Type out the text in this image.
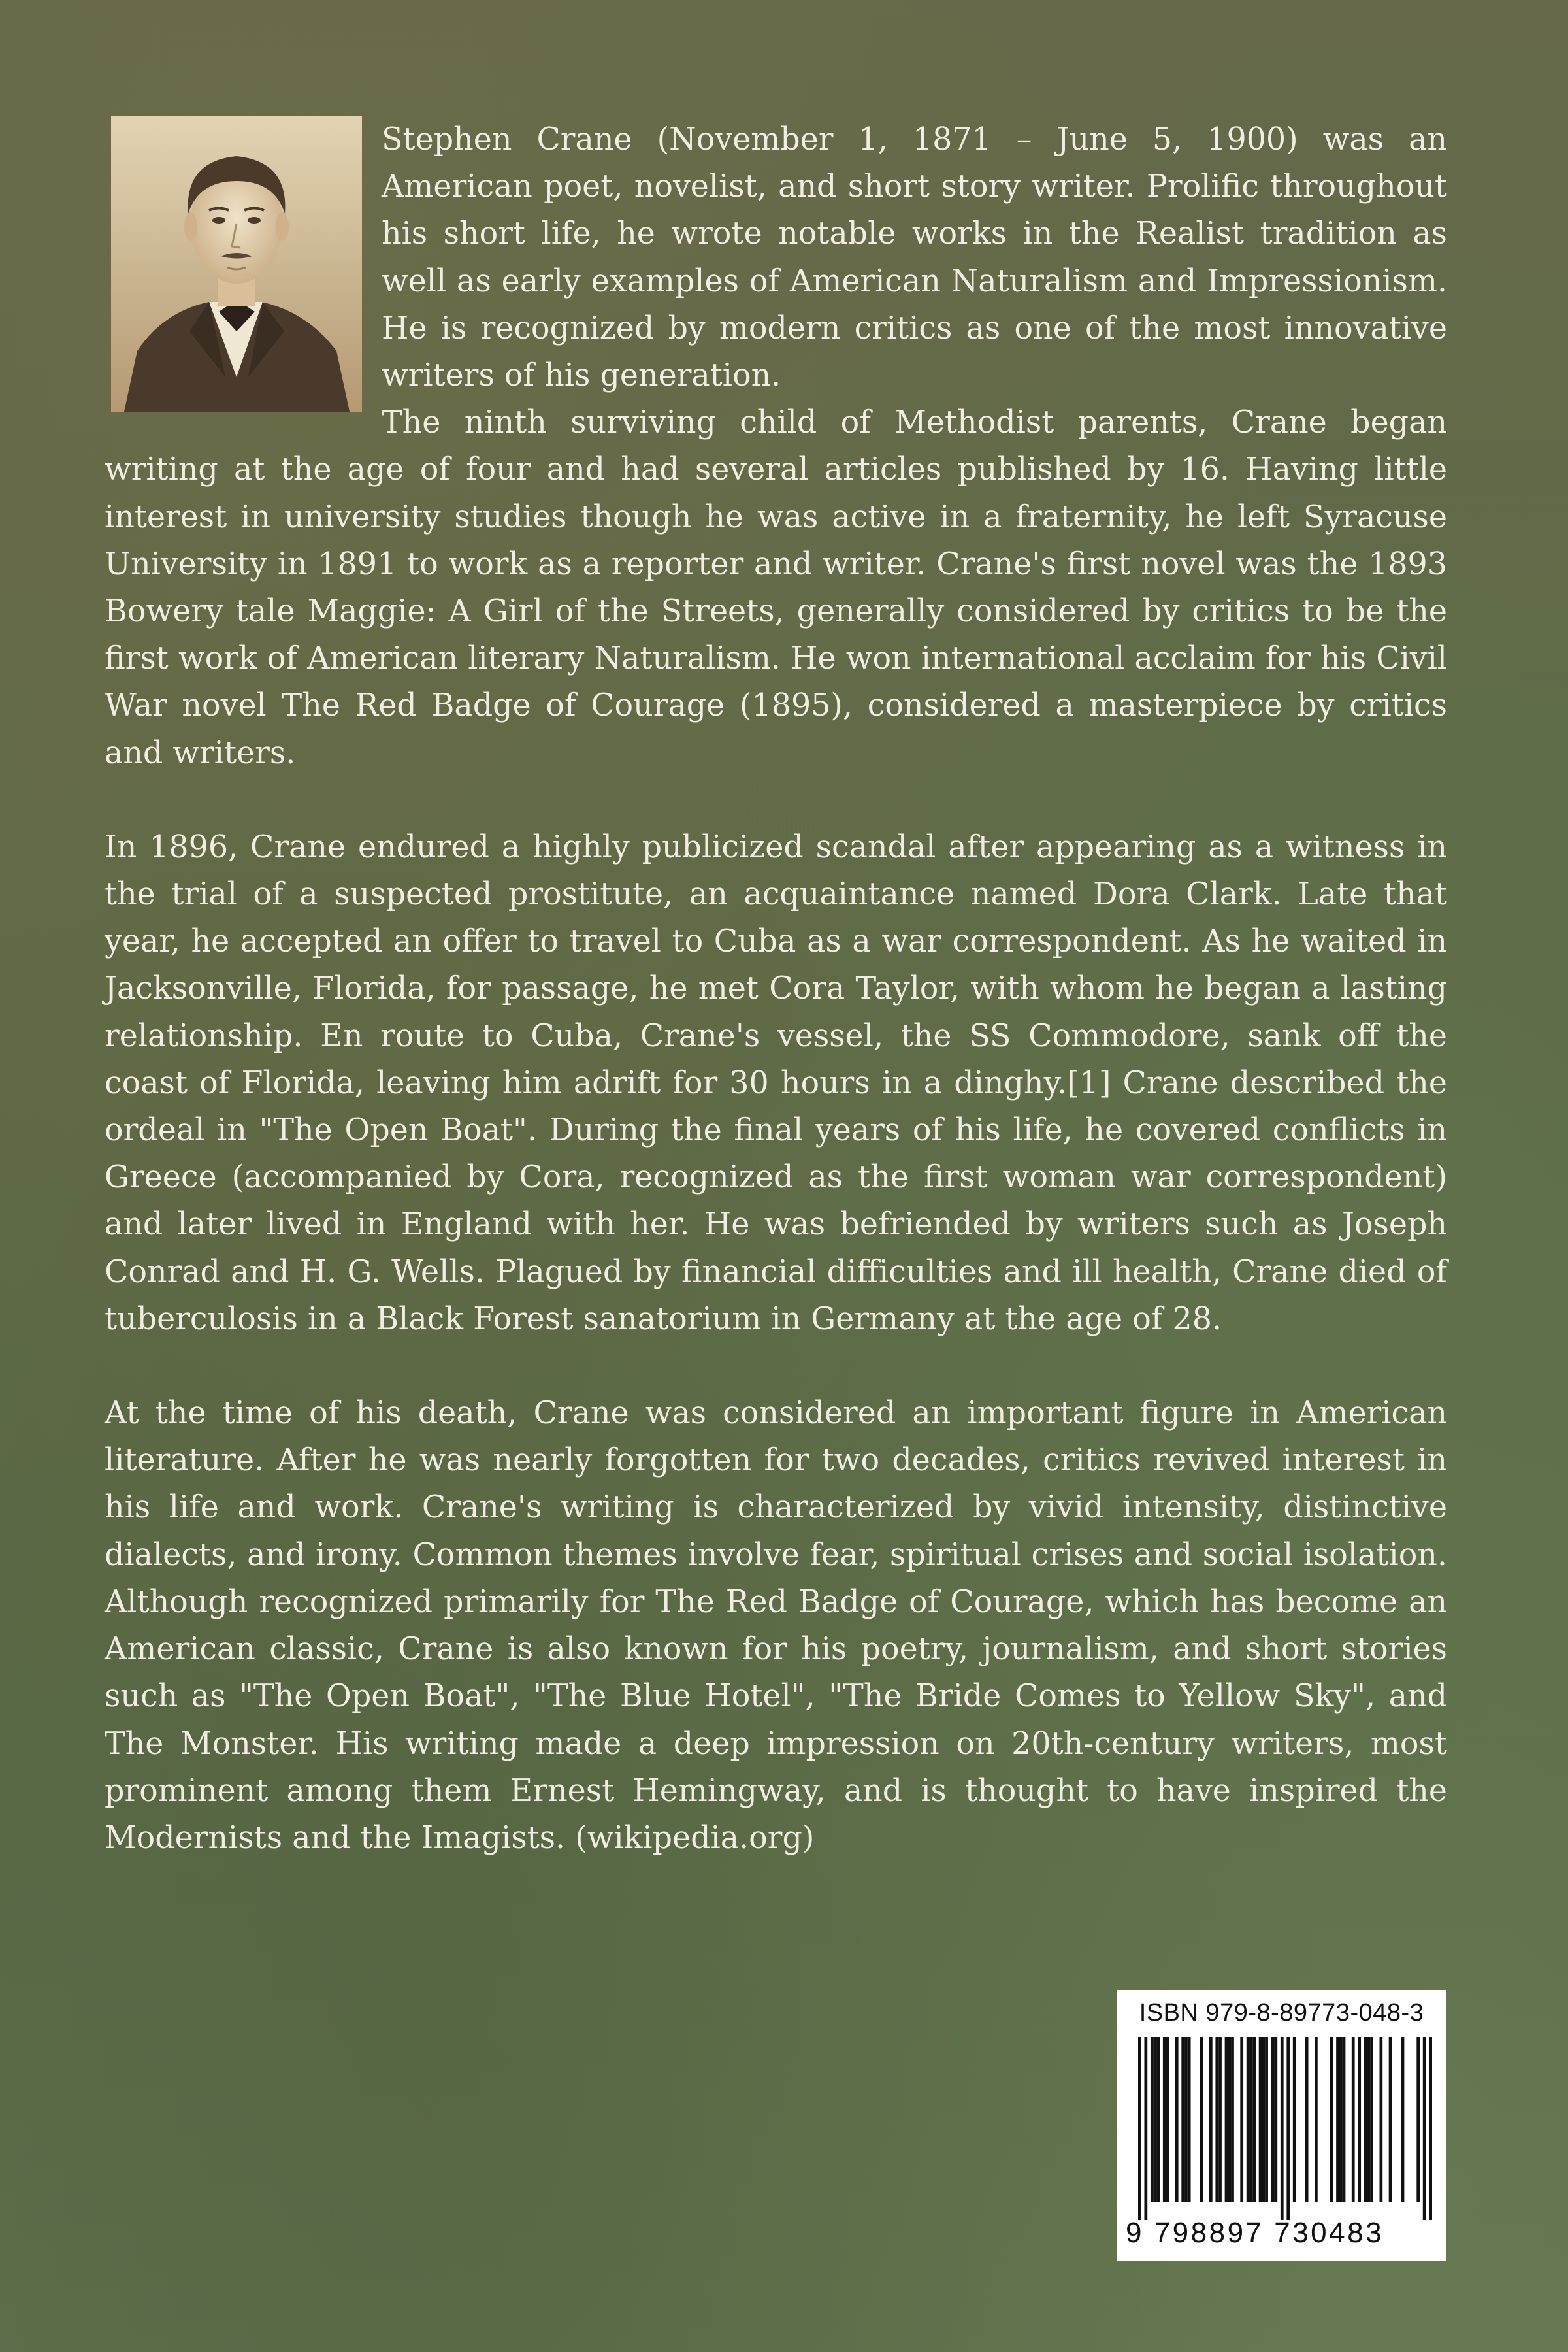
Stephen Crane (November 1, 1871 – June 5, 1900) was an American poet, novelist, and short story writer. Prolific throughout his short life, he wrote notable works in the Realist tradition as well as early examples of American Naturalism and Impressionism. He is recognized by modern critics as one of the most innovative writers of his generation.

The ninth surviving child of Methodist parents, Crane began writing at the age of four and had several articles published by 16. Having little interest in university studies though he was active in a fraternity, he left Syracuse University in 1891 to work as a reporter and writer. Crane's first novel was the 1893 Bowery tale Maggie: A Girl of the Streets, generally considered by critics to be the first work of American literary Naturalism. He won international acclaim for his Civil War novel The Red Badge of Courage (1895), considered a masterpiece by critics and writers.

In 1896, Crane endured a highly publicized scandal after appearing as a witness in the trial of a suspected prostitute, an acquaintance named Dora Clark. Late that year, he accepted an offer to travel to Cuba as a war correspondent. As he waited in Jacksonville, Florida, for passage, he met Cora Taylor, with whom he began a lasting relationship. En route to Cuba, Crane's vessel, the SS Commodore, sank off the coast of Florida, leaving him adrift for 30 hours in a dinghy.[1] Crane described the ordeal in "The Open Boat". During the final years of his life, he covered conflicts in Greece (accompanied by Cora, recognized as the first woman war correspondent) and later lived in England with her. He was befriended by writers such as Joseph Conrad and H. G. Wells. Plagued by financial difficulties and ill health, Crane died of tuberculosis in a Black Forest sanatorium in Germany at the age of 28.

At the time of his death, Crane was considered an important figure in American literature. After he was nearly forgotten for two decades, critics revived interest in his life and work. Crane's writing is characterized by vivid intensity, distinctive dialects, and irony. Common themes involve fear, spiritual crises and social isolation. Although recognized primarily for The Red Badge of Courage, which has become an American classic, Crane is also known for his poetry, journalism, and short stories such as "The Open Boat", "The Blue Hotel", "The Bride Comes to Yellow Sky", and The Monster. His writing made a deep impression on 20th-century writers, most prominent among them Ernest Hemingway, and is thought to have inspired the Modernists and the Imagists. (wikipedia.org)

ISBN 979-8-89773-048-3
9 798897 730483
